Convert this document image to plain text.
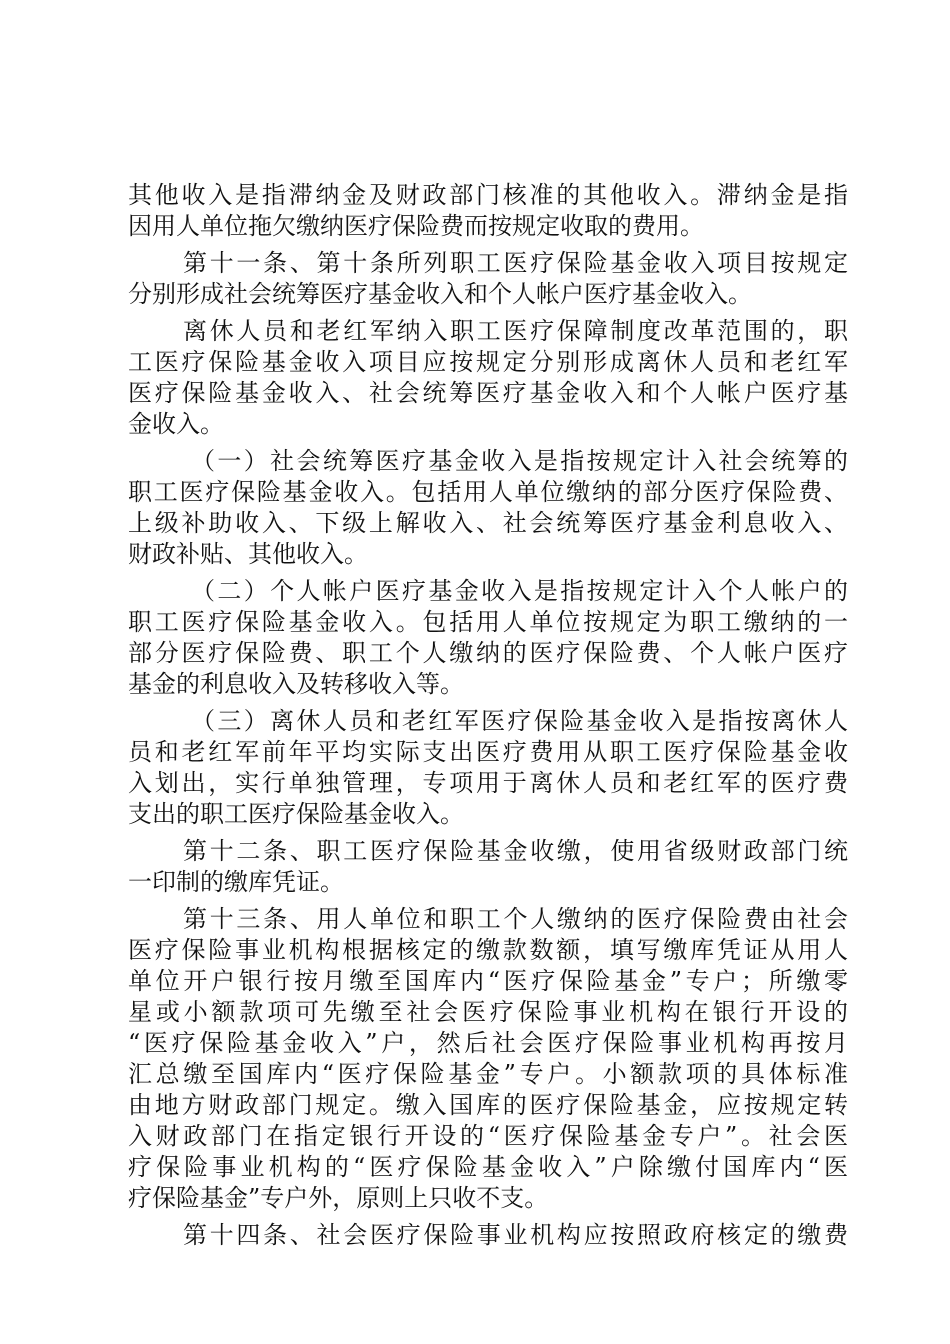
其他收入是指滞纳金及财政部门核准的其他收入。滞纳金是指

因用人单位拖欠缴纳医疗保险费而按规定收取的费用。

第十一条、第十条所列职工医疗保险基金收入项目按规定

分别形成社会统筹医疗基金收入和个人帐户医疗基金收入。

离休人员和老红军纳入职工医疗保障制度改革范围的，职

工医疗保险基金收入项目应按规定分别形成离休人员和老红军

医疗保险基金收入、社会统筹医疗基金收入和个人帐户医疗基

金收入。

（一）社会统筹医疗基金收入是指按规定计入社会统筹的

职工医疗保险基金收入。包括用人单位缴纳的部分医疗保险费、

上级补助收入、下级上解收入、社会统筹医疗基金利息收入、

财政补贴、其他收入。

（二）个人帐户医疗基金收入是指按规定计入个人帐户的

职工医疗保险基金收入。包括用人单位按规定为职工缴纳的一

部分医疗保险费、职工个人缴纳的医疗保险费、个人帐户医疗

基金的利息收入及转移收入等。

（三）离休人员和老红军医疗保险基金收入是指按离休人

员和老红军前年平均实际支出医疗费用从职工医疗保险基金收

入划出，实行单独管理，专项用于离休人员和老红军的医疗费

支出的职工医疗保险基金收入。

第十二条、职工医疗保险基金收缴，使用省级财政部门统

一印制的缴库凭证。

第十三条、用人单位和职工个人缴纳的医疗保险费由社会

医疗保险事业机构根据核定的缴款数额，填写缴库凭证从用人

单位开户银行按月缴至国库内“医疗保险基金”专户；所缴零

星或小额款项可先缴至社会医疗保险事业机构在银行开设的

“医疗保险基金收入”户，然后社会医疗保险事业机构再按月

汇总缴至国库内“医疗保险基金”专户。小额款项的具体标准

由地方财政部门规定。缴入国库的医疗保险基金，应按规定转

入财政部门在指定银行开设的“医疗保险基金专户”。社会医

疗保险事业机构的“医疗保险基金收入”户除缴付国库内“医

疗保险基金”专户外，原则上只收不支。

第十四条、社会医疗保险事业机构应按照政府核定的缴费
